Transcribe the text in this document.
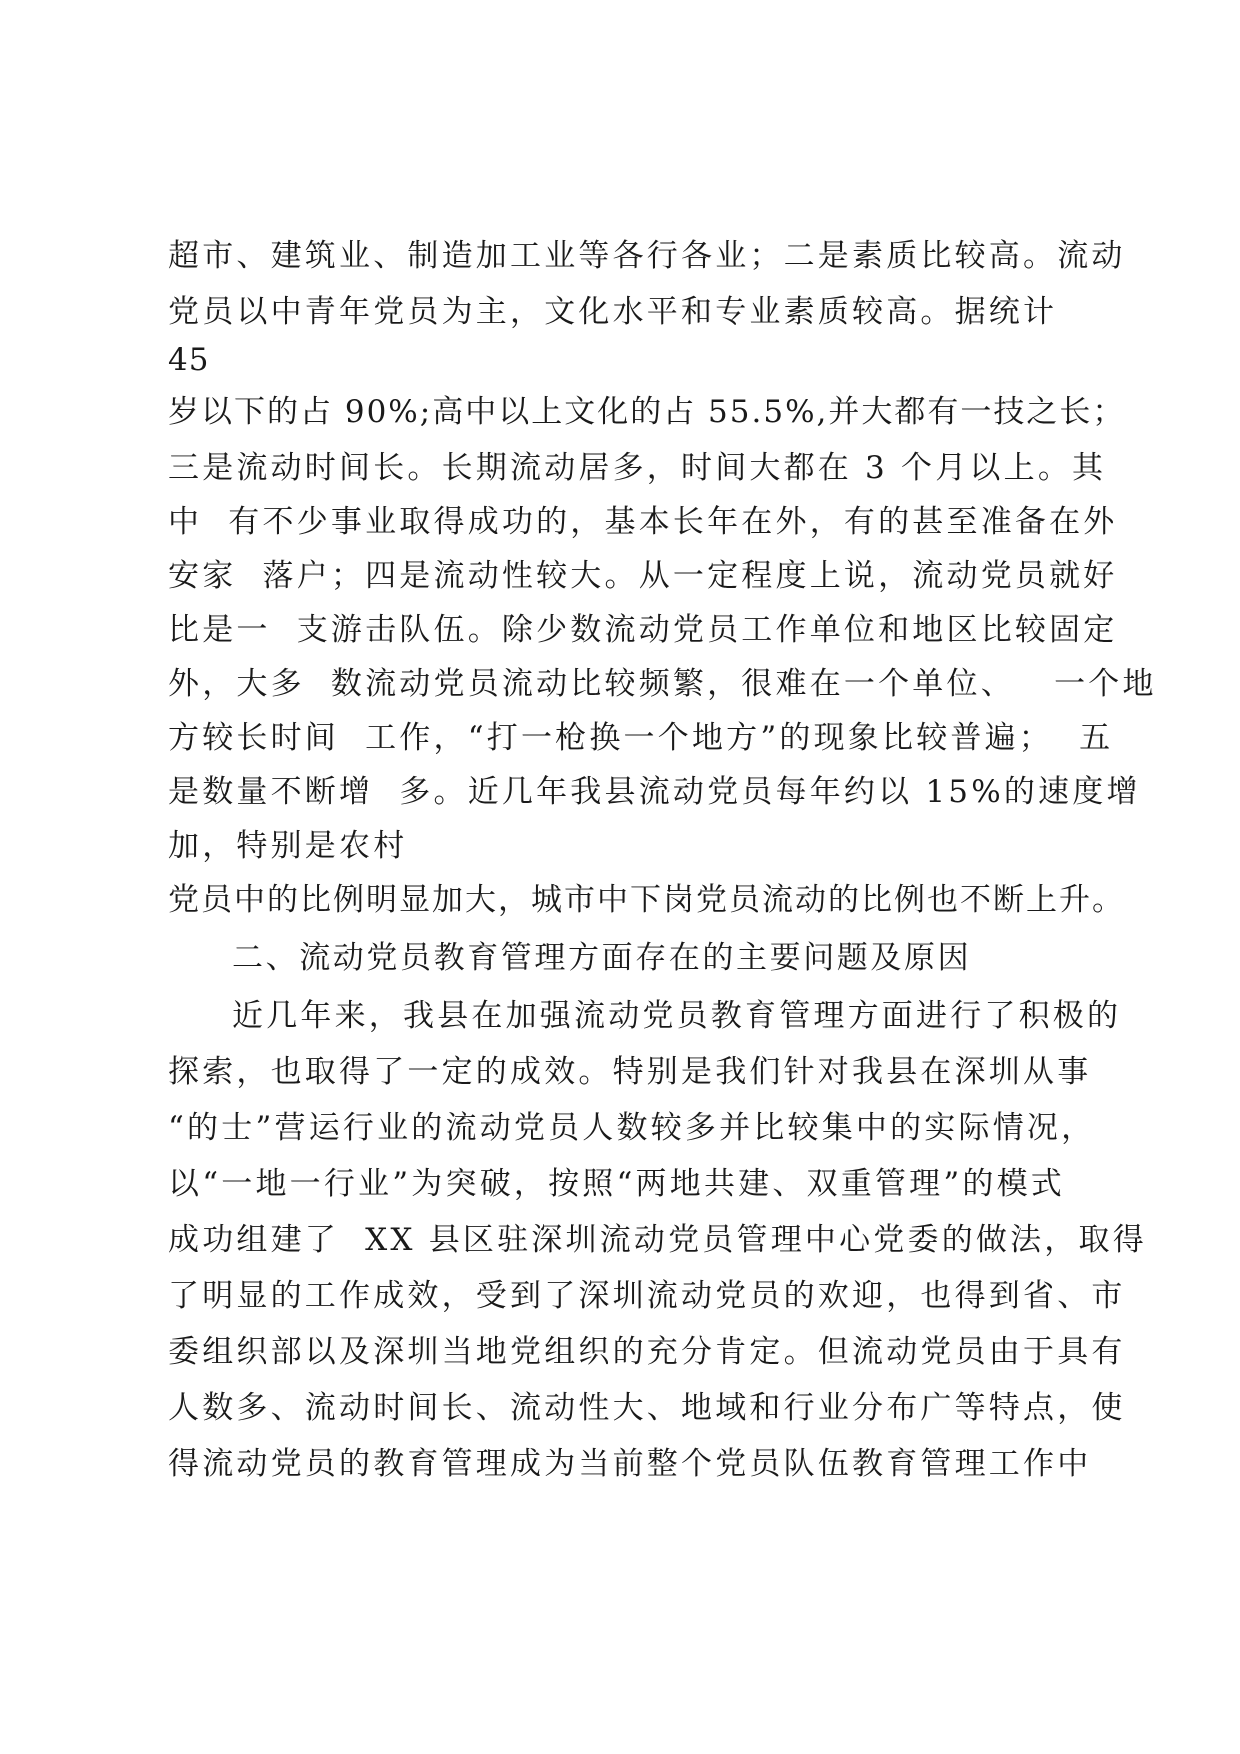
超市、建筑业、制造加工业等各行各业；二是素质比较高。流动
党员以中青年党员为主，文化水平和专业素质较高。据统计
45
岁以下的占 90%;高中以上文化的占 55.5%,并大都有一技之长；
三是流动时间长。长期流动居多，时间大都在 3 个月以上。其
中  有不少事业取得成功的，基本长年在外，有的甚至准备在外
安家  落户；四是流动性较大。从一定程度上说，流动党员就好
比是一  支游击队伍。除少数流动党员工作单位和地区比较固定
外，大多  数流动党员流动比较频繁，很难在一个单位、   一个地
方较长时间  工作，“打一枪换一个地方”的现象比较普遍；  五
是数量不断增  多。近几年我县流动党员每年约以 15%的速度增
加，特别是农村
党员中的比例明显加大，城市中下岗党员流动的比例也不断上升。
二、流动党员教育管理方面存在的主要问题及原因
近几年来，我县在加强流动党员教育管理方面进行了积极的
探索，也取得了一定的成效。特别是我们针对我县在深圳从事
“的士”营运行业的流动党员人数较多并比较集中的实际情况，
以“一地一行业”为突破，按照“两地共建、双重管理”的模式
成功组建了  XX 县区驻深圳流动党员管理中心党委的做法，取得
了明显的工作成效，受到了深圳流动党员的欢迎，也得到省、市
委组织部以及深圳当地党组织的充分肯定。但流动党员由于具有
人数多、流动时间长、流动性大、地域和行业分布广等特点，使
得流动党员的教育管理成为当前整个党员队伍教育管理工作中
